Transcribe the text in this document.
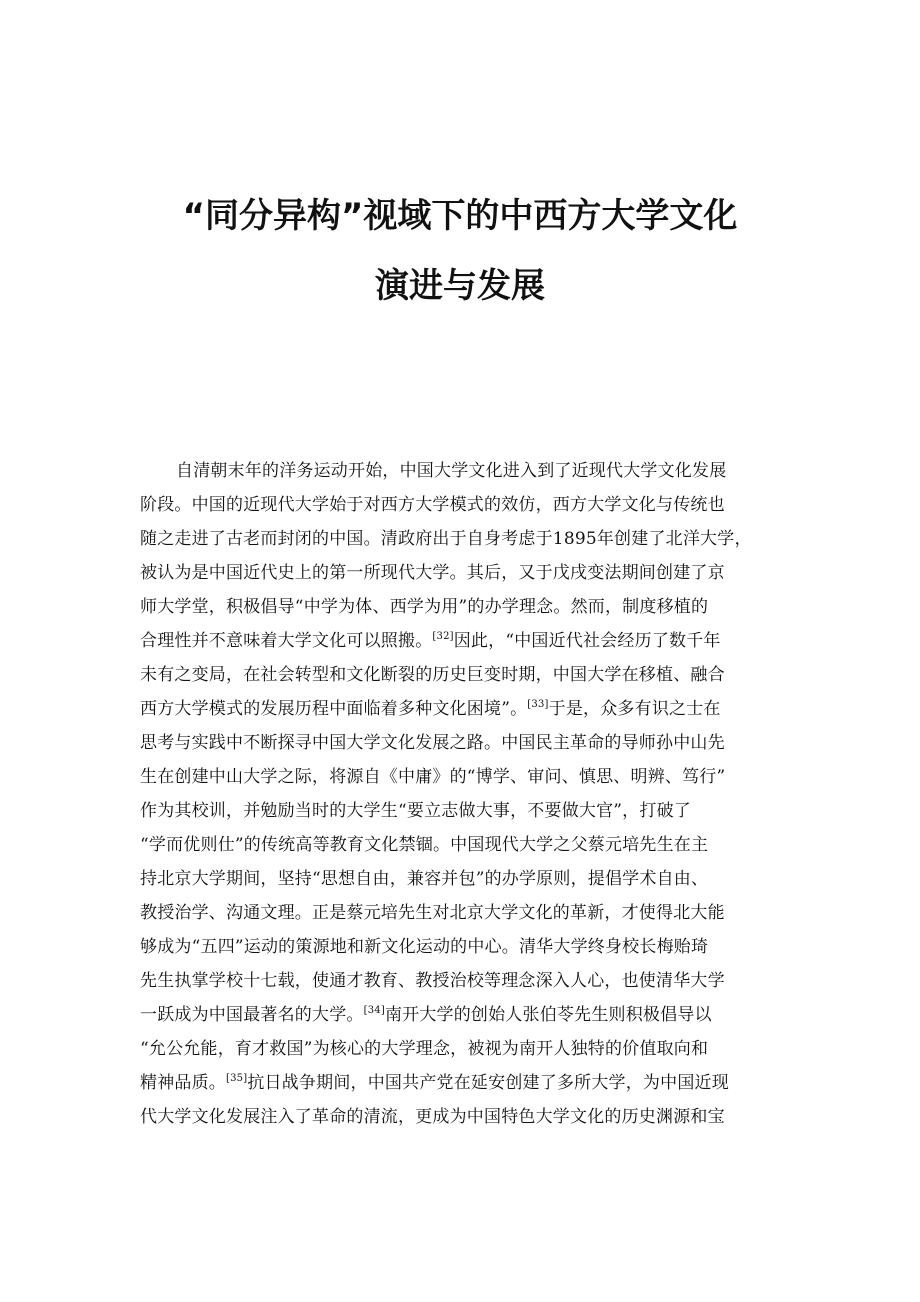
“同分异构”视域下的中西方大学文化
演进与发展
自清朝末年的洋务运动开始，中国大学文化进入到了近现代大学文化发展
阶段。中国的近现代大学始于对西方大学模式的效仿，西方大学文化与传统也
随之走进了古老而封闭的中国。清政府出于自身考虑于1895年创建了北洋大学，
被认为是中国近代史上的第一所现代大学。其后，又于戊戌变法期间创建了京
师大学堂，积极倡导“中学为体、西学为用”的办学理念。然而，制度移植的
合理性并不意味着大学文化可以照搬。[32]因此，“中国近代社会经历了数千年
未有之变局，在社会转型和文化断裂的历史巨变时期，中国大学在移植、融合
西方大学模式的发展历程中面临着多种文化困境”。[33]于是，众多有识之士在
思考与实践中不断探寻中国大学文化发展之路。中国民主革命的导师孙中山先
生在创建中山大学之际，将源自《中庸》的“博学、审问、慎思、明辨、笃行”
作为其校训，并勉励当时的大学生“要立志做大事，不要做大官”，打破了
“学而优则仕”的传统高等教育文化禁锢。中国现代大学之父蔡元培先生在主
持北京大学期间，坚持“思想自由，兼容并包”的办学原则，提倡学术自由、
教授治学、沟通文理。正是蔡元培先生对北京大学文化的革新，才使得北大能
够成为“五四”运动的策源地和新文化运动的中心。清华大学终身校长梅贻琦
先生执掌学校十七载，使通才教育、教授治校等理念深入人心，也使清华大学
一跃成为中国最著名的大学。[34]南开大学的创始人张伯苓先生则积极倡导以
“允公允能，育才救国”为核心的大学理念，被视为南开人独特的价值取向和
精神品质。[35]抗日战争期间，中国共产党在延安创建了多所大学，为中国近现
代大学文化发展注入了革命的清流，更成为中国特色大学文化的历史渊源和宝
